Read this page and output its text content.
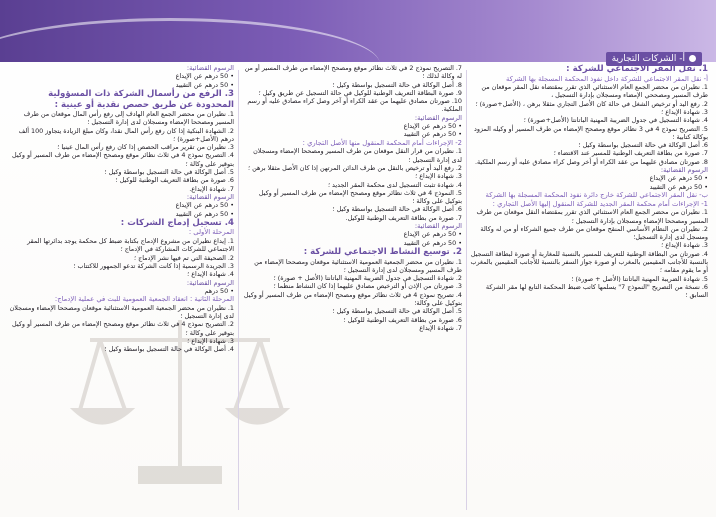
أ- الشركات التجارية

1. نقل المقر الاجتماعي للشركة :

أ- نقل المقر الاجتماعي للشركة داخل نفوذ المحكمة المسجلة بها الشركة

1. نظيران من محضر الجمع العام الاستثنائي الذي تقرر بمقتضاه نقل المقر موقعان من طرف المسير ومصححي الإمضاء ومسجلان بإدارة التسجيل ،

2. رفع اليد أو ترخيص الشغل في حالة كان الأصل التجاري مثقلا برهن ، (الأصل+صورة) ؛

3. شهادة الإيداع ؛

4. شهادة التسجيل في جدول الضريبة المهنية الباتانتا (الأصل+صورة) ؛

5. التصريح نموذج 4 في 3 نظائر موقع ومصحح الإمضاء من طرف المسير أو وكيله المزود بوكالة كتابية ؛

6. أصل الوكالة في حالة التسجيل بواسطة وكيل ؛

7. صورة من بطاقة التعريف الوطنية للمسير عند الاقتضاء ؛

8. صورتان مصادق عليهما من عقد الكراء أو أخر وصل كراء مصادق عليه أو رسم الملكية.

الرسوم القضائية:

• 50 درهم عن الإيداع

• 50 درهم عن التقييد

ب- نقل المقر الاجتماعي للشركة خارج دائرة نفوذ المحكمة المسجلة بها الشركة

1- الإجراءات أمام محكمة المقر الجديد للشركة المنقول إليها الأصل التجاري :

1. نظيران من محضر الجمع العام الاستثنائي الذي تقرر بمقتضاه النقل موقعان من طرف المسير ومصححا الإمضاء ومسجلان بإدارة التسجيل ؛

2. نظيران من النظام الأساسي المنقح موقعان من طرف جميع الشركاء أو من له وكالة ومسجل لدى إدارة التسجيل؛

3. شهادة الإيداع ؛

4. صورتان من البطاقة الوطنية للتعريف للمسير بالنسبة للمغاربة أو صورة لبطاقة التسجيل بالنسبة للأجانب المقيمين بالمغرب أو صورة جواز السفر بالنسبة للأجانب المقيمين بالمغرب أو ما يقوم مقامه ؛

5. شهادة الضريبة المهنية الباتانتا (الأصل + صورة) ؛

6. نسخة من التصريح "النموذج 7" يسلمها كاتب ضبط المحكمة التابع لها مقر الشركة السابق ؛

7. التصريح نموذج 2 في ثلاث نظائر موقع ومصحح الإمضاء من طرف المسير أو من له وكالة لذلك ؛

8. أصل الوكالة في حالة التسجيل بواسطة وكيل ؛

9. صورة البطاقة التعريف الوطنية للوكيل في حالة التسجيل عن طريق وكيل ؛

10. صورتان مصادق عليهما من عقد الكراء أو آخر وصل كراء مصادق عليه أو رسم الملكية.

الرسوم القضائية:

• 50 درهم عن الإيداع

• 50 درهم عن التقييد

2- الإجراءات أمام المحكمة المنقول منها الأصل التجاري :

1. نظيران من قرار النقل موقعان من طرف المسير ومصححا الإمضاء ومسجلان لدى إدارة التسجيل ؛

2. رفع اليد أو ترخيص بالنقل من طرف الدائن المرتهن إذا كان الأصل مثقلا برهن ؛

3. شهادة الإيداع ؛

4. شهادة تثبت التسجيل لدى محكمة المقر الجديد ؛

5. النموذج 4 في ثلاث نظائر موقع ومصحح الإمضاء من طرف المسير أو وكيل بتوكيل على وكالة ؛

6. أصل الوكالة في حالة التسجيل بواسطة وكيل ؛

7. صورة من بطاقة التعريف الوطنية للوكيل.

الرسوم القضائية:

• 50 درهم عن الإيداع

• 50 درهم عن التقييد

2. توسيع النشاط الاجتماعي للشركة :

1. نظيران من محضر الجمعية العمومية الاستثنائية موقعان ومصححا الإمضاء من طرف المسير ومسجلان لدى إدارة التسجيل ؛

2. شهادة التسجيل في جدول الضريبة المهنية الباتانتا (الأصل + صورة) ؛

3. صورتان من الإذن أو الترخيص مصادق عليهما إذا كان النشاط منظما ؛

4. تصريح نموذج 4 في ثلاث نظائر موقع ومصحح الإمضاء من طرف المسير أو وكيل بتوكيل على وكالة؛

5. أصل الوكالة في حالة التسجيل بواسطة وكيل ؛

6. صورة من بطاقة التعريف الوطنية للوكيل ؛

7. شهادة الإيداع

الرسوم القضائية:

• 50 درهم عن الإيداع

• 50 درهم عن التقييد

3. الرفع من رأسمال الشركة ذات المسؤولية المحدودة عن طريق حصص نقدية أو عينية :

1. نظيران من محضر الجمع العام الهادف إلى رفع رأس المال موقعان من طرف المسير ومصححا الإمضاء ومسجلان لدى إدارة التسجيل ؛

2. الشهادة البنكية إذا كان رفع رأس المال نقدا، وكان مبلغ الزيادة يتجاوز 100 ألف درهم (الأصل+صورة) ؛

3. نظيران من تقرير مراقب الحصص إذا كان رفع رأس المال عينيا ؛

4. التصريح نموذج 4 في ثلاث نظائر موقع ومصحح الإمضاء من طرف المسير أو وكيل بتوقير على وكالة ؛

5. أصل الوكالة في حالة التسجيل بواسطة وكيل ؛

6. صورة من بطاقة التعريف الوطنية للوكيل ؛

7. شهادة الإيداع.

الرسوم القضائية:

• 50 درهم عن الإيداع

• 50 درهم عن التقييد

4. تسجيل إدماج الشركات :

المرحلة الأولى :

1. إيداع نظيران من مشروع الإدماج بكتابة ضبط كل محكمة يوجد بدائرتها المقر الاجتماعي للشركات المشاركة في الإدماج ؛

2. الصحيفة التي تم فيها نشر الإدماج ؛

3. الجريدة الرسمية إذا كانت الشركة تدعو الجمهور للاكتتاب ؛

4. شهادة الإيداع ؛

الرسوم القضائية:

• 50 درهم

المرحلة الثانية : انعقاد الجمعية العمومية للبت في عملية الإدماج:

1. نظيران من محضر الجمعية العمومية الاستثنائية موقعان ومصححا الإمضاء ومسجلان لدى إدارة التسجيل ؛

2. التصريح نموذج 4 في ثلاث نظائر موقع ومصحح الإمضاء من طرف المسير أو وكيل بتوقير على وكالة ؛

3. شهادة الإيداع ؛

4. أصل الوكالة في حالة التسجيل بواسطة وكيل ؛
